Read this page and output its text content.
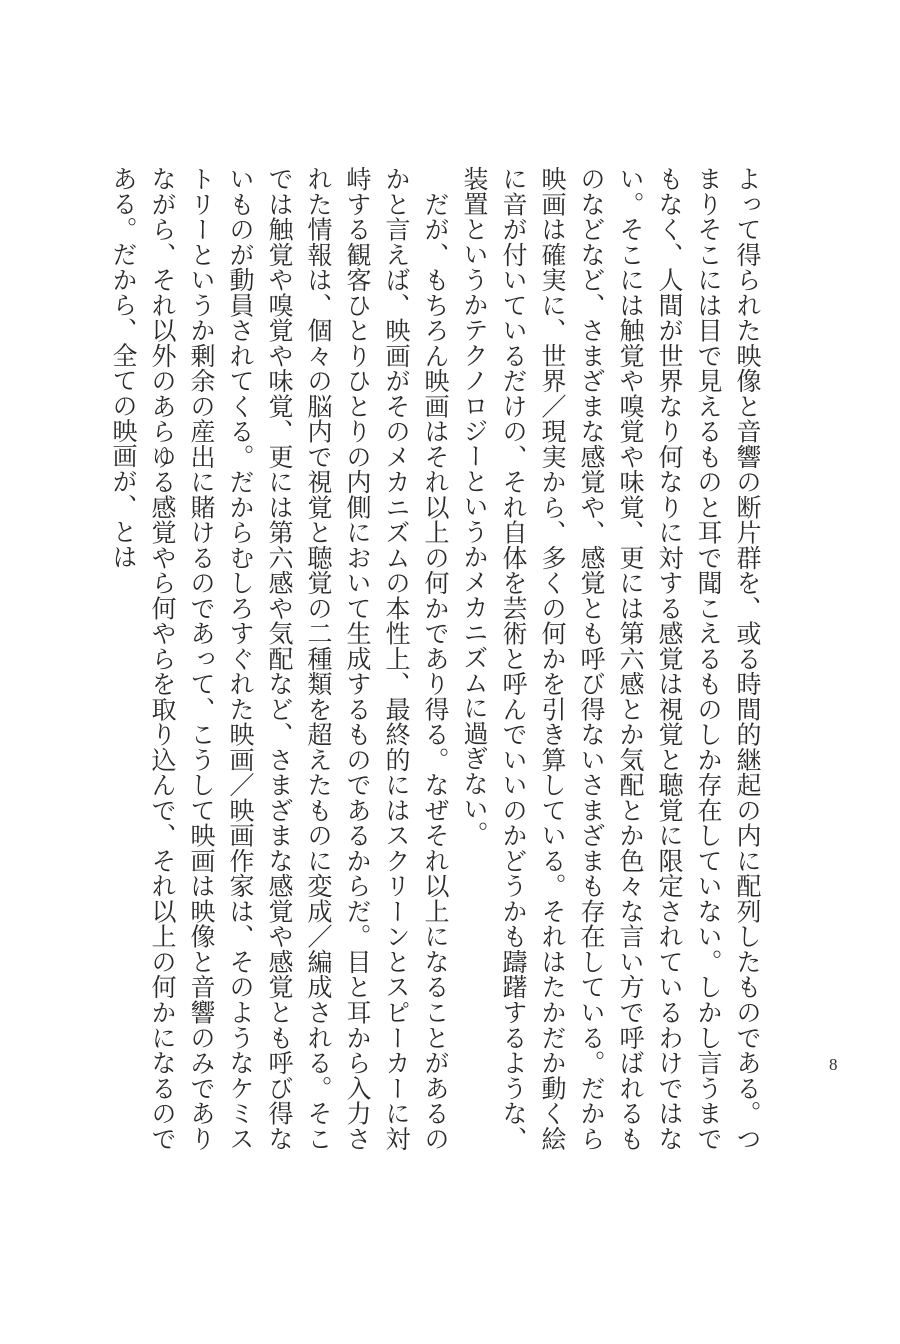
よって得られた映像と音響の断片群を、或る時間的継起の内に配列したものである。つまりそこには目で見えるものと耳で聞こえるものしか存在していない。しかし言うまでもなく、人間が世界なり何なりに対する感覚は視覚と聴覚に限定されているわけではない。そこには触覚や嗅覚や味覚、更には第六感とか気配とか色々な言い方で呼ばれるものなどなど、さまざまな感覚や、感覚とも呼び得ないさまざまも存在している。だから映画は確実に、世界／現実から、多くの何かを引き算している。それはたかだか動く絵に音が付いているだけの、それ自体を芸術と呼んでいいのかどうかも躊躇するような、装置というかテクノロジーというかメカニズムに過ぎない。

　だが、もちろん映画はそれ以上の何かであり得る。なぜそれ以上になることがあるのかと言えば、映画がそのメカニズムの本性上、最終的にはスクリーンとスピーカーに対峙する観客ひとりひとりの内側において生成するものであるからだ。目と耳から入力された情報は、個々の脳内で視覚と聴覚の二種類を超えたものに変成／編成される。そこでは触覚や嗅覚や味覚、更には第六感や気配など、さまざまな感覚や感覚とも呼び得ないものが動員されてくる。だからむしろすぐれた映画／映画作家は、そのようなケミストリーというか剰余の産出に賭けるのであって、こうして映画は映像と音響のみでありながら、それ以外のあらゆる感覚やら何やらを取り込んで、それ以上の何かになるのである。だから、全ての映画が、とは

8
